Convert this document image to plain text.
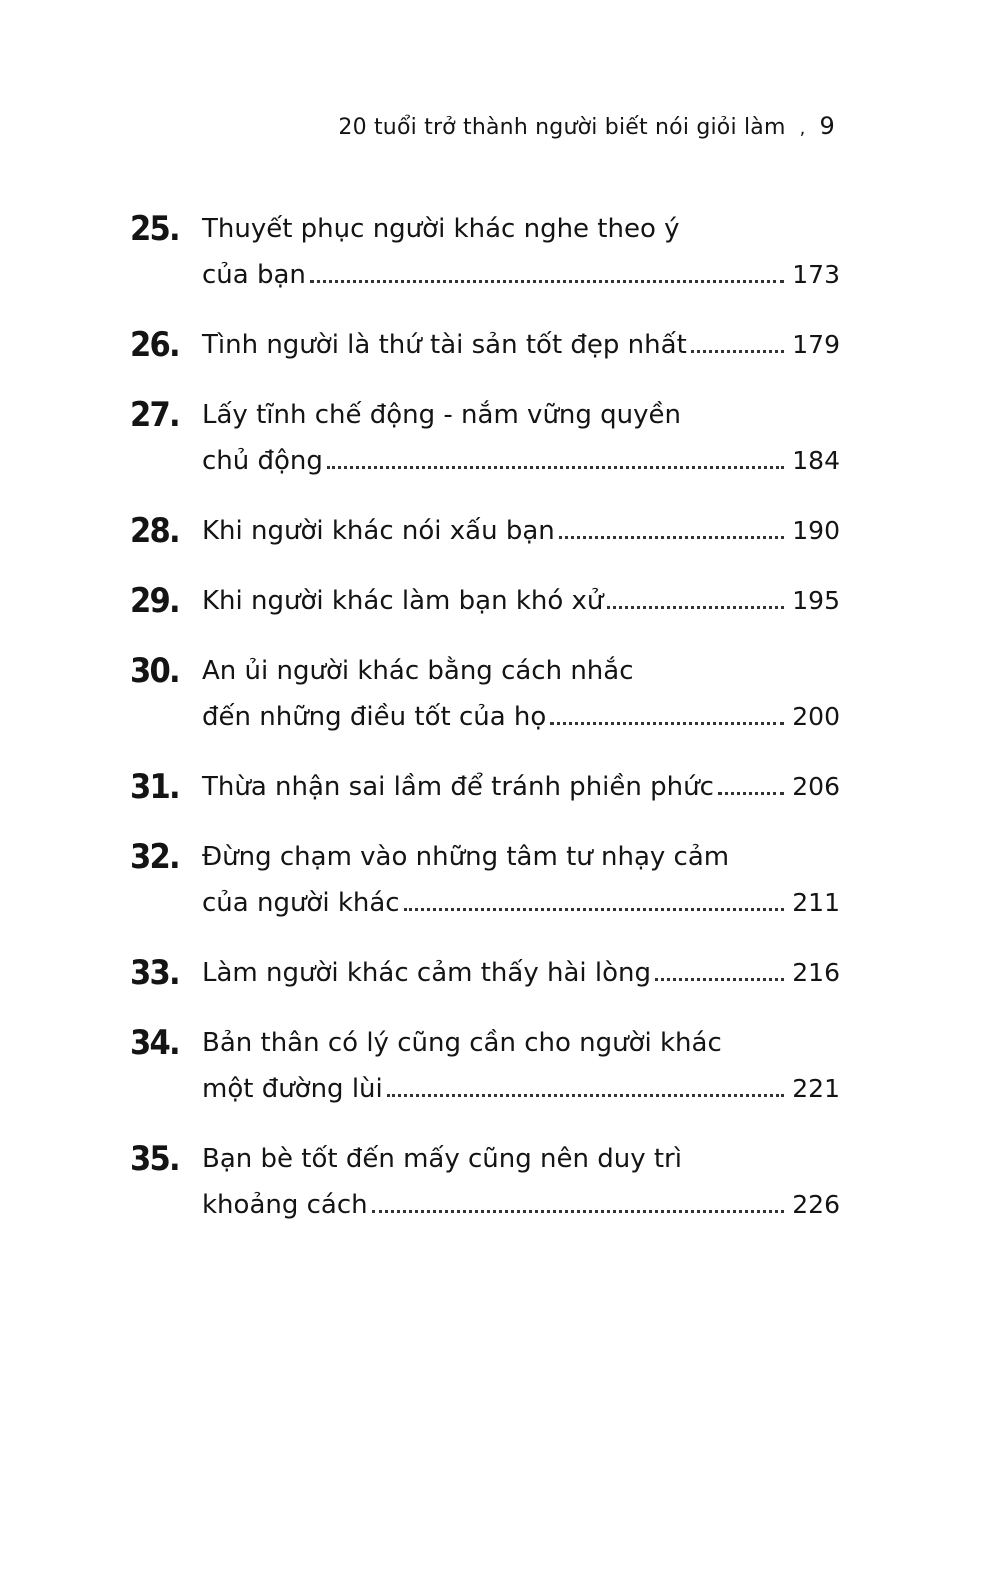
20 tuổi trở thành người biết nói giỏi làm , 9
25. Thuyết phục người khác nghe theo ý
của bạn	173
26. Tình người là thứ tài sản tốt đẹp nhất	179
27. Lấy tĩnh chế động - nắm vững quyền
chủ động	184
28. Khi người khác nói xấu bạn	190
29. Khi người khác làm bạn khó xử	195
30. An ủi người khác bằng cách nhắc
đến những điều tốt của họ	200
31. Thừa nhận sai lầm để tránh phiền phức	206
32. Đừng chạm vào những tâm tư nhạy cảm
của người khác	211
33. Làm người khác cảm thấy hài lòng	216
34. Bản thân có lý cũng cần cho người khác
một đường lùi	221
35. Bạn bè tốt đến mấy cũng nên duy trì
khoảng cách	226
